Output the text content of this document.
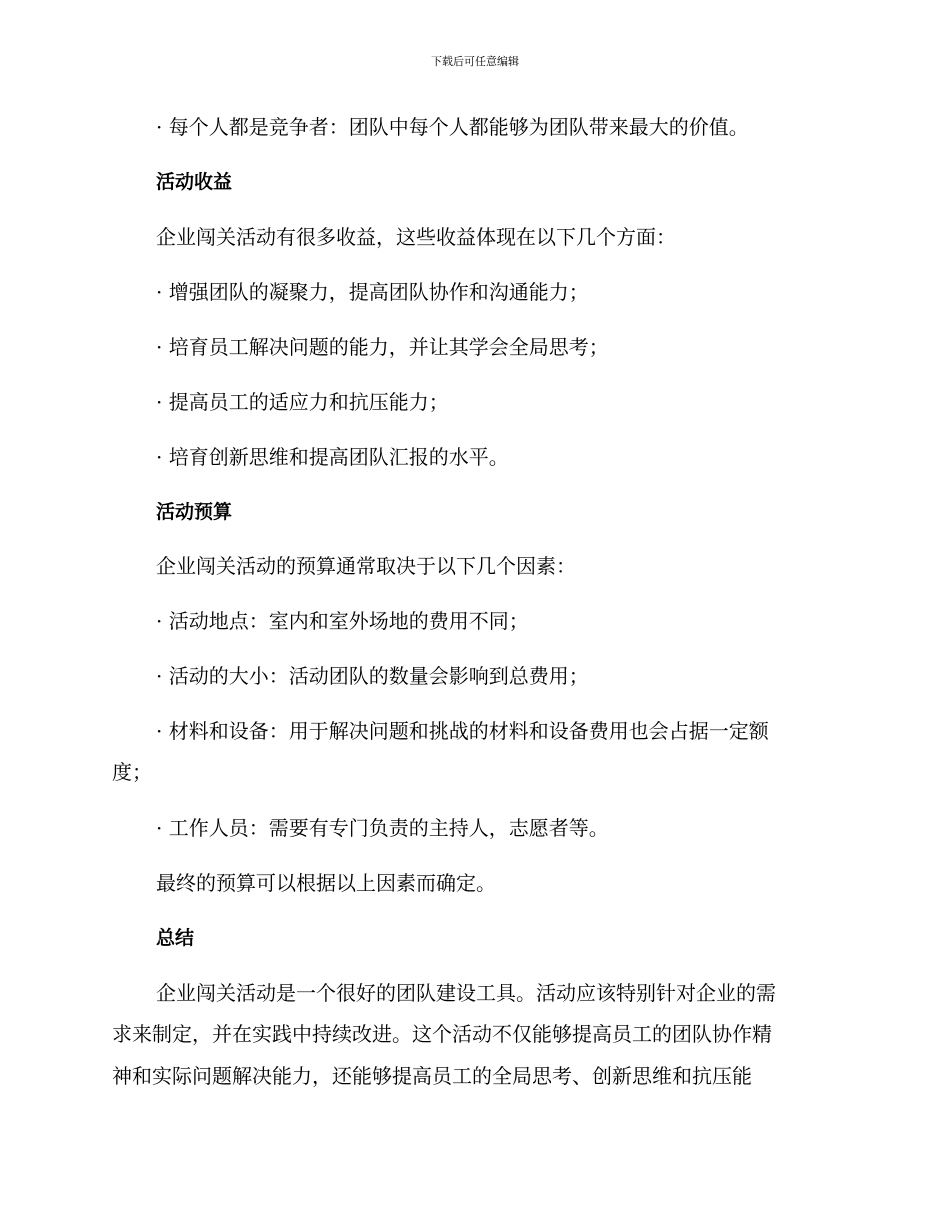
下载后可任意编辑
· 每个人都是竞争者：团队中每个人都能够为团队带来最大的价值。
活动收益
企业闯关活动有很多收益，这些收益体现在以下几个方面：
· 增强团队的凝聚力，提高团队协作和沟通能力；
· 培育员工解决问题的能力，并让其学会全局思考；
· 提高员工的适应力和抗压能力；
· 培育创新思维和提高团队汇报的水平。
活动预算
企业闯关活动的预算通常取决于以下几个因素：
· 活动地点：室内和室外场地的费用不同；
· 活动的大小：活动团队的数量会影响到总费用；
· 材料和设备：用于解决问题和挑战的材料和设备费用也会占据一定额
度；
· 工作人员：需要有专门负责的主持人，志愿者等。
最终的预算可以根据以上因素而确定。
总结
企业闯关活动是一个很好的团队建设工具。活动应该特别针对企业的需
求来制定，并在实践中持续改进。这个活动不仅能够提高员工的团队协作精
神和实际问题解决能力，还能够提高员工的全局思考、创新思维和抗压能
